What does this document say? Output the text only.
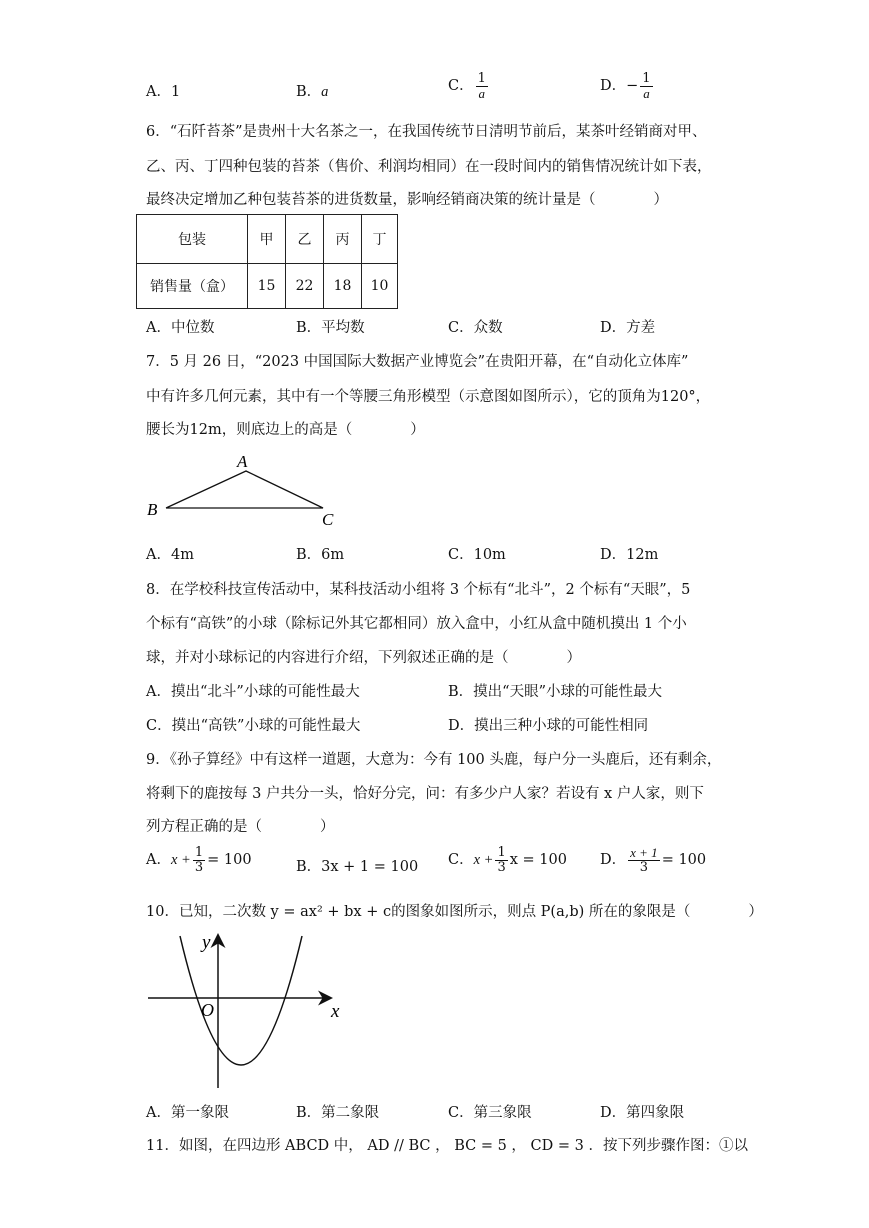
A．1	B．a	C． $\frac{1}{a}$	D．− $\frac{1}{a}$
6．“石阡苔茶”是贵州十大名茶之一，在我国传统节日清明节前后，某茶叶经销商对甲、
乙、丙、丁四种包装的苔茶（售价、利润均相同）在一段时间内的销售情况统计如下表，
最终决定增加乙种包装苔茶的进货数量，影响经销商决策的统计量是（　　　　）
包装	甲	乙	丙	丁
销售量（盒）	15	22	18	10
A．中位数	B．平均数	C．众数	D．方差
7．5 月 26 日，“2023 中国国际大数据产业博览会”在贵阳开幕，在“自动化立体库”
中有许多几何元素，其中有一个等腰三角形模型（示意图如图所示），它的顶角为120°，
腰长为12m，则底边上的高是（　　　　）
A
B
C
A．4m	B．6m	C．10m	D．12m
8．在学校科技宣传活动中，某科技活动小组将 3 个标有“北斗”，2 个标有“天眼”，5
个标有“高铁”的小球（除标记外其它都相同）放入盒中，小红从盒中随机摸出 1 个小
球，并对小球标记的内容进行介绍，下列叙述正确的是（　　　　）
A．摸出“北斗”小球的可能性最大	B．摸出“天眼”小球的可能性最大
C．摸出“高铁”小球的可能性最大	D．摸出三种小球的可能性相同
9．《孙子算经》中有这样一道题，大意为：今有 100 头鹿，每户分一头鹿后，还有剩余，
将剩下的鹿按每 3 户共分一头，恰好分完，问：有多少户人家？若设有 x 户人家，则下
列方程正确的是（　　　　）
A．$x + \frac{1}{3} = 100$	B．3x + 1 = 100 C．$x + \frac{1}{3}$ x = 100 D． $\frac{x + 1}{3} = 100$
10．已知，二次数 y = ax² + bx + c的图象如图所示，则点 P(a,b) 所在的象限是（　　　　）
y
x
O
A．第一象限	B．第二象限	C．第三象限	D．第四象限
11．如图，在四边形 ABCD 中， AD // BC ， BC = 5 ， CD = 3 ．按下列步骤作图：①以
